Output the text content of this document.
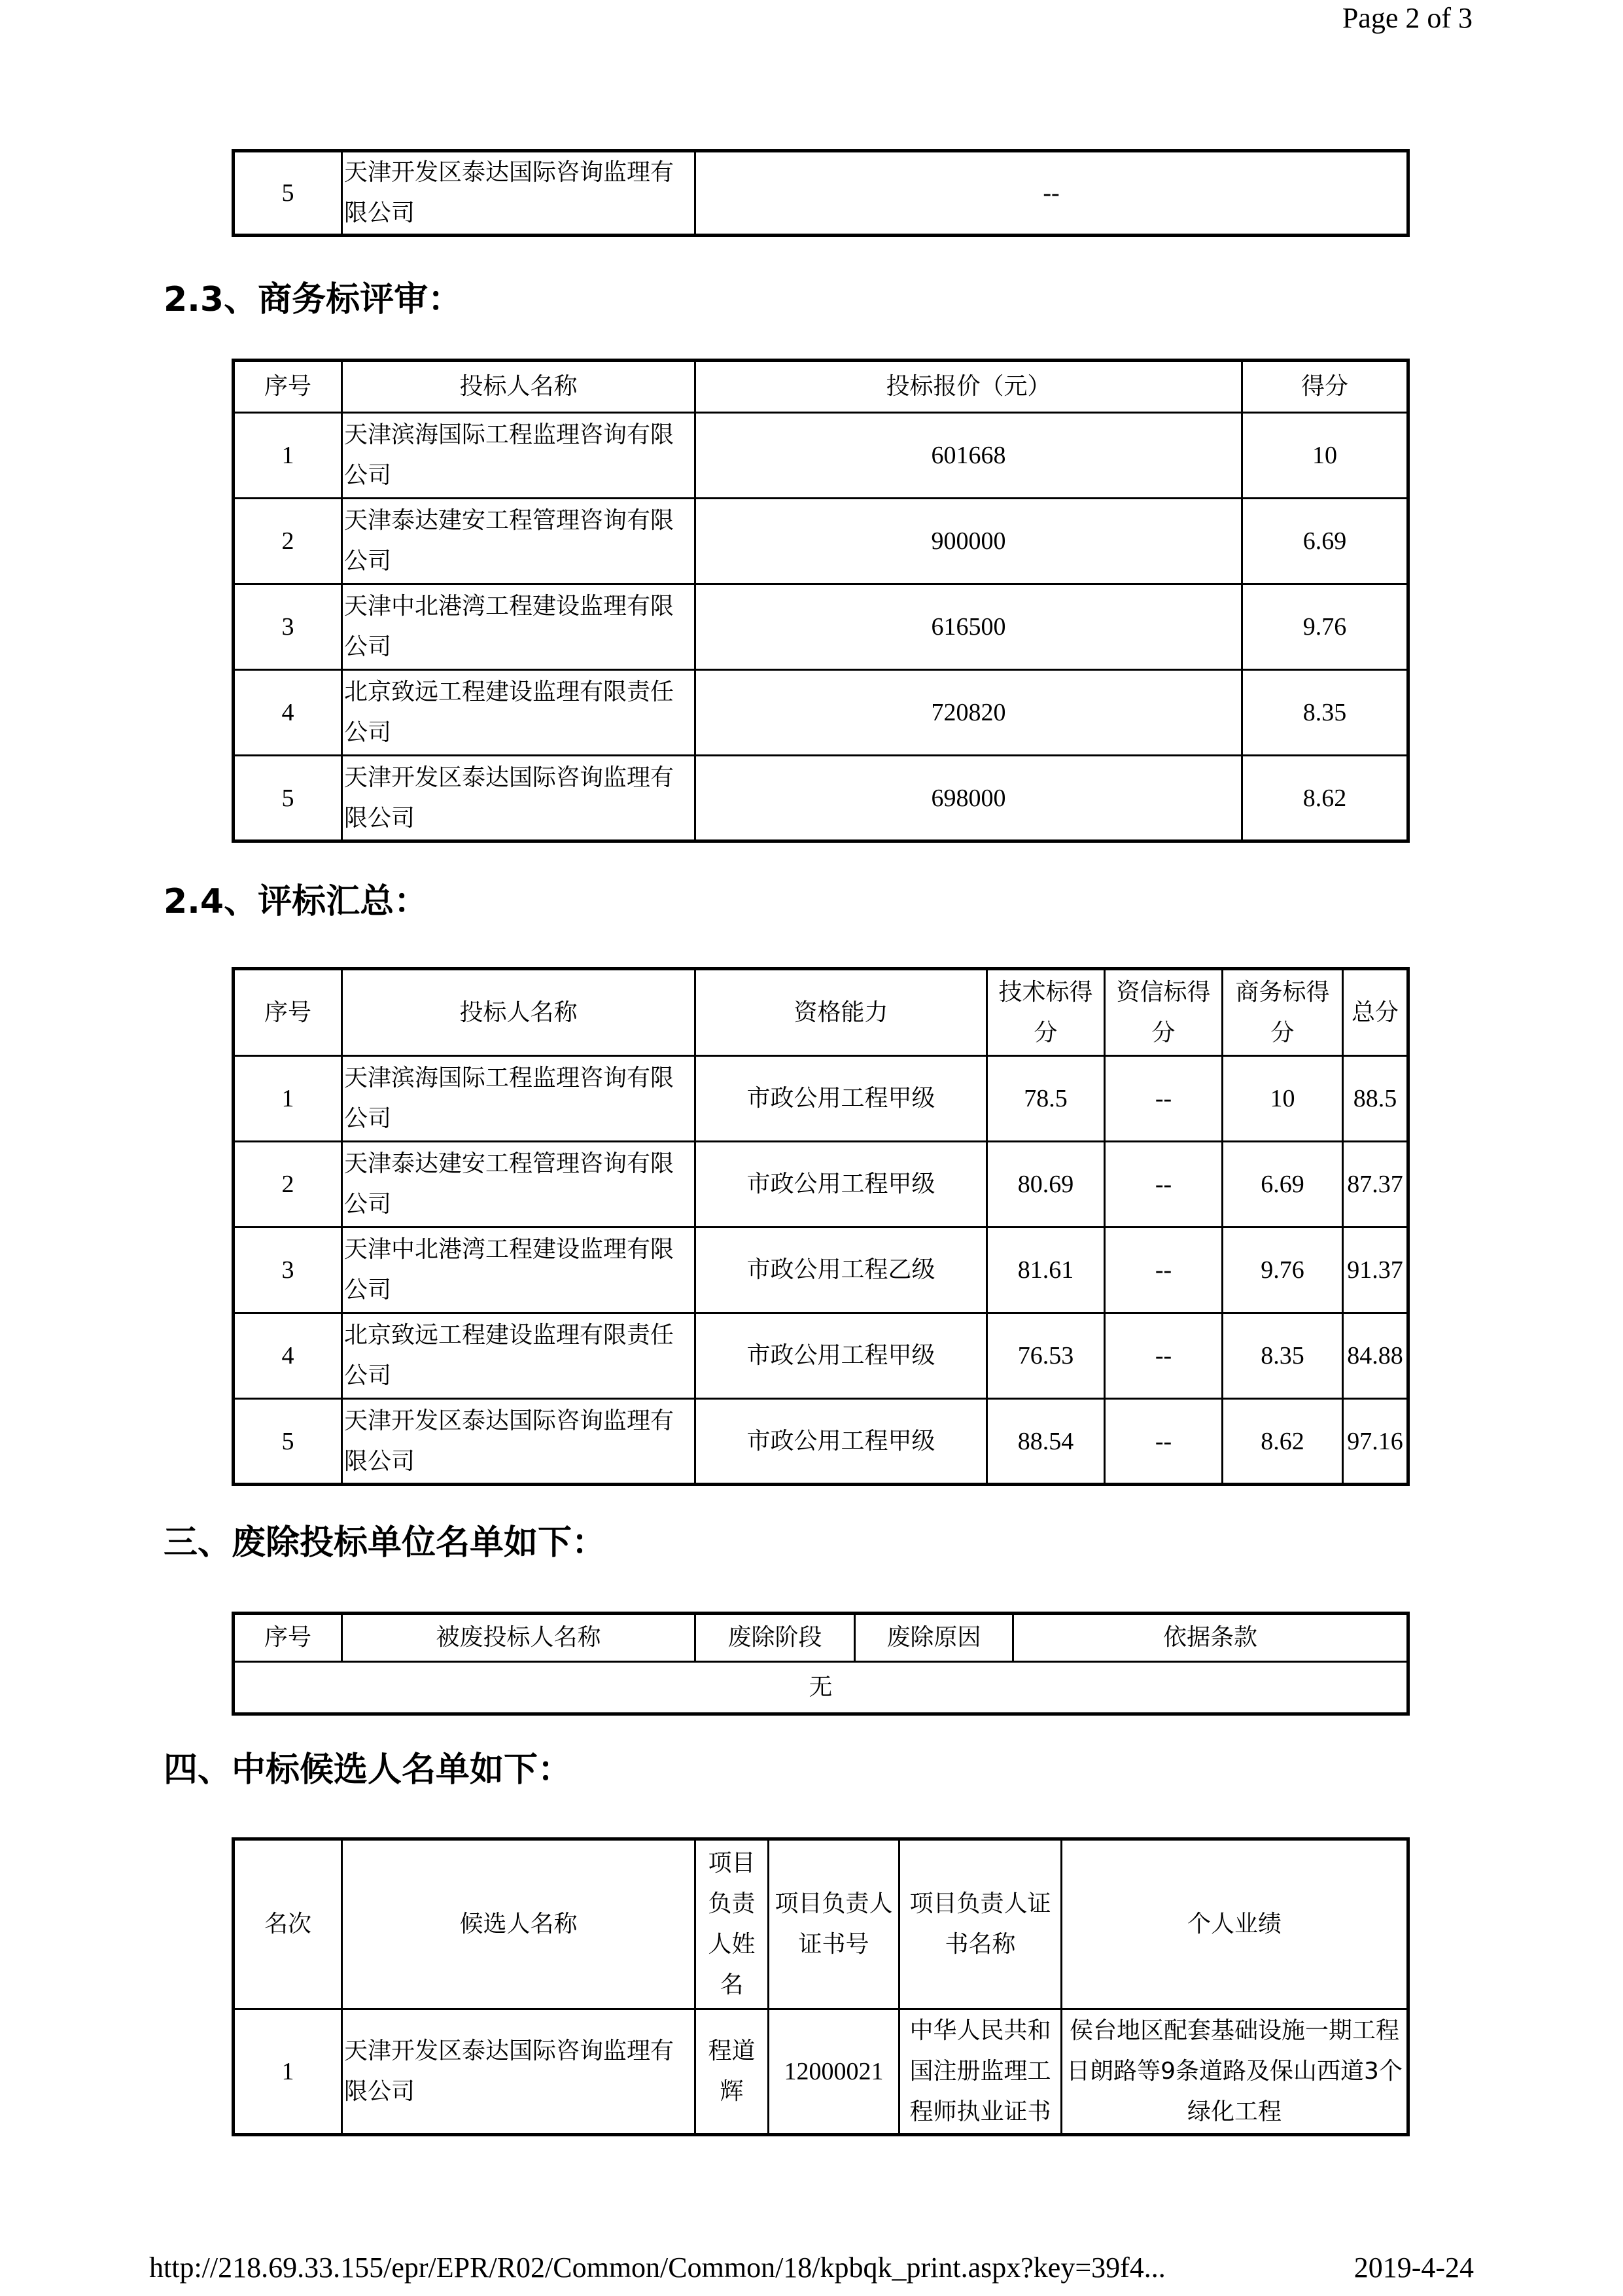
Page 2 of 3
5	天津开发区泰达国际咨询监理有限公司	--
2.3、商务标评审：
序号	投标人名称	投标报价（元）	得分
1	天津滨海国际工程监理咨询有限公司	601668	10
2	天津泰达建安工程管理咨询有限公司	900000	6.69
3	天津中北港湾工程建设监理有限公司	616500	9.76
4	北京致远工程建设监理有限责任公司	720820	8.35
5	天津开发区泰达国际咨询监理有限公司	698000	8.62
2.4、评标汇总：
序号	投标人名称	资格能力	技术标得分	资信标得分	商务标得分	总分
1	天津滨海国际工程监理咨询有限公司	市政公用工程甲级	78.5	--	10	88.5
2	天津泰达建安工程管理咨询有限公司	市政公用工程甲级	80.69	--	6.69	87.37
3	天津中北港湾工程建设监理有限公司	市政公用工程乙级	81.61	--	9.76	91.37
4	北京致远工程建设监理有限责任公司	市政公用工程甲级	76.53	--	8.35	84.88
5	天津开发区泰达国际咨询监理有限公司	市政公用工程甲级	88.54	--	8.62	97.16
三、废除投标单位名单如下：
序号	被废投标人名称	废除阶段	废除原因	依据条款
无
四、中标候选人名单如下：
名次	候选人名称	项目负责人姓名	项目负责人证书号	项目负责人证书名称	个人业绩
1	天津开发区泰达国际咨询监理有限公司	程道辉	12000021	中华人民共和国注册监理工程师执业证书	侯台地区配套基础设施一期工程日朗路等9条道路及保山西道3个绿化工程
http://218.69.33.155/epr/EPR/R02/Common/Common/18/kpbqk_print.aspx?key=39f4...	2019-4-24
